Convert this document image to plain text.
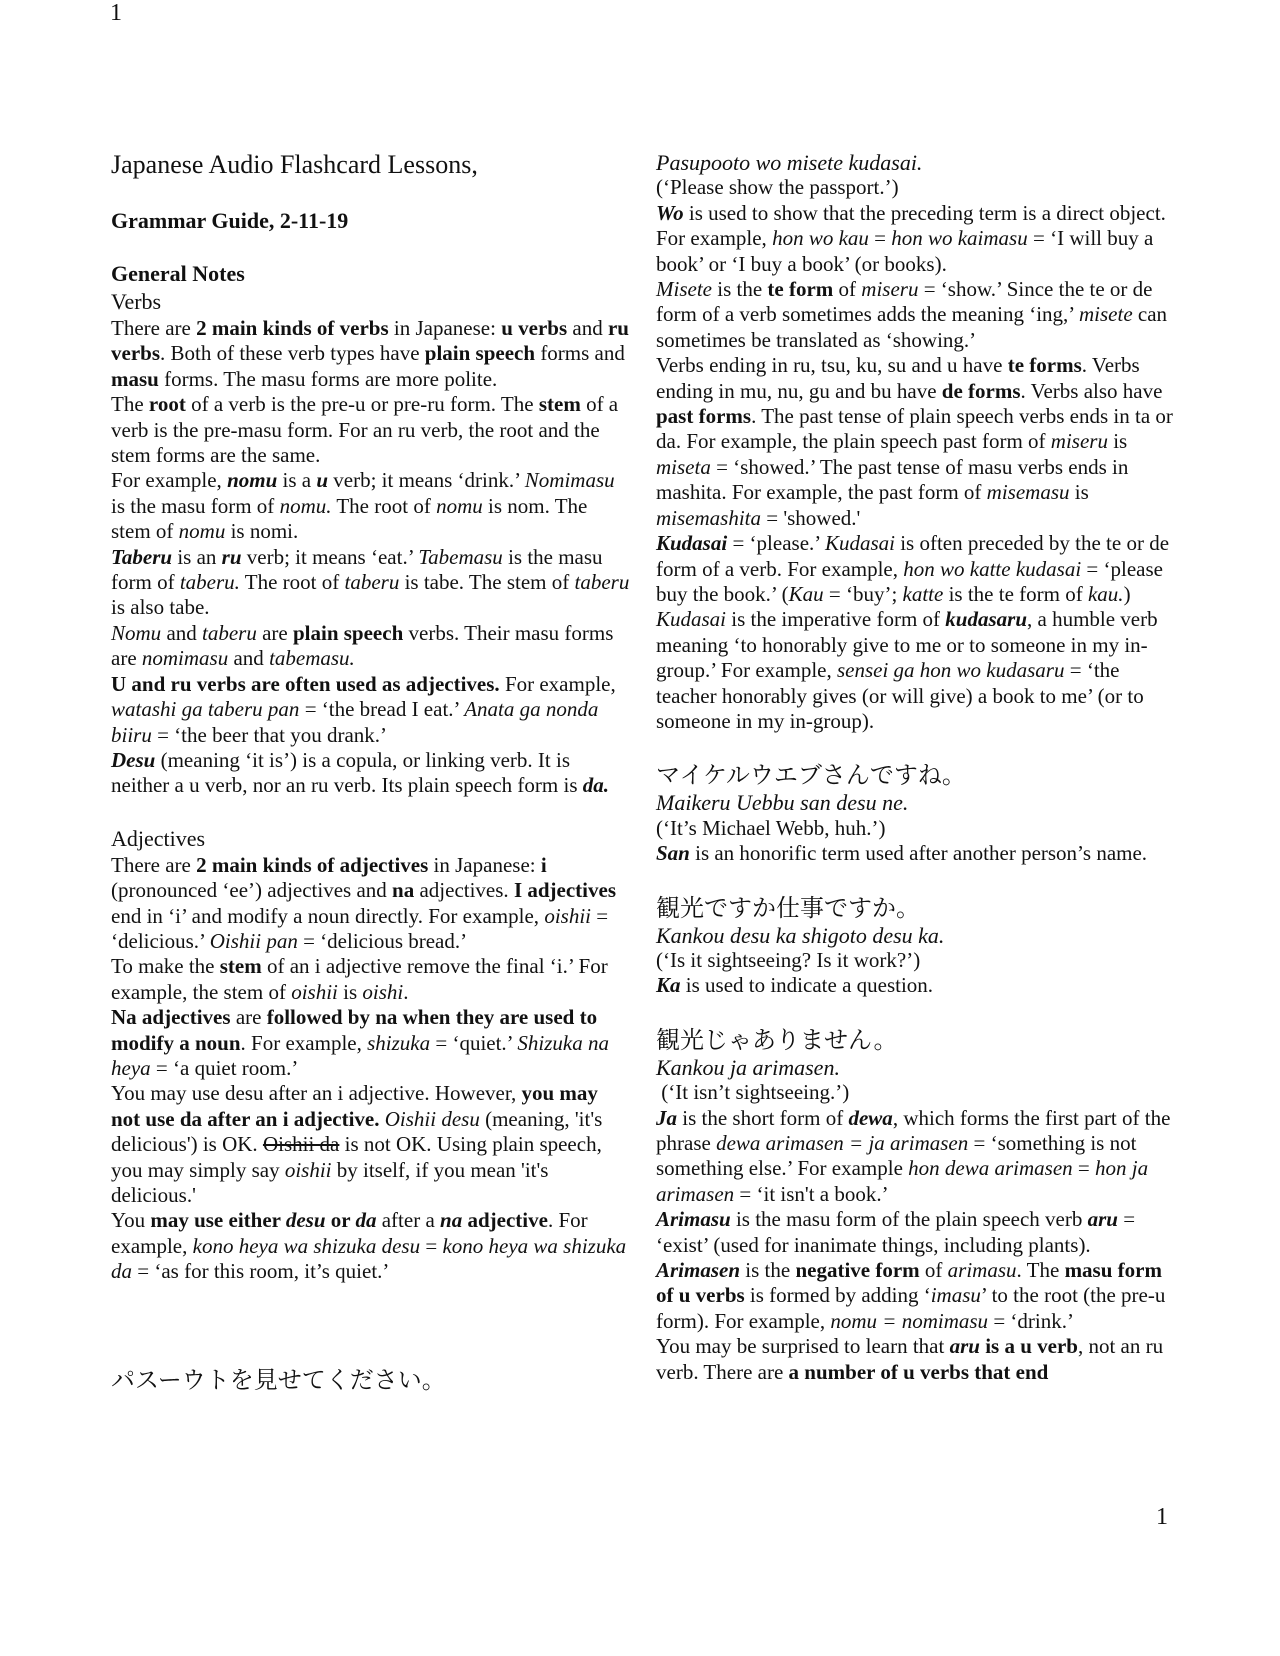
1
Japanese Audio Flashcard Lessons,
Grammar Guide, 2-11-19
General Notes
Verbs

There are 2 main kinds of verbs in Japanese: u verbs and ru verbs. Both of these verb types have plain speech forms and masu forms. The masu forms are more polite.

The root of a verb is the pre-u or pre-ru form. The stem of a verb is the pre-masu form. For an ru verb, the root and the stem forms are the same.

For example, nomu is a u verb; it means ‘drink.’ Nomimasu is the masu form of nomu. The root of nomu is nom. The stem of nomu is nomi.

Taberu is an ru verb; it means ‘eat.’ Tabemasu is the masu form of taberu. The root of taberu is tabe. The stem of taberu is also tabe.

Nomu and taberu are plain speech verbs. Their masu forms are nomimasu and tabemasu.

U and ru verbs are often used as adjectives. For example, watashi ga taberu pan = ‘the bread I eat.’ Anata ga nonda biiru = ‘the beer that you drank.’

Desu (meaning ‘it is’) is a copula, or linking verb. It is neither a u verb, nor an ru verb. Its plain speech form is da.

Adjectives

There are 2 main kinds of adjectives in Japanese: i (pronounced ‘ee’) adjectives and na adjectives. I adjectives end in ‘i’ and modify a noun directly. For example, oishii = ‘delicious.’ Oishii pan = ‘delicious bread.’

To make the stem of an i adjective remove the final ‘i.’ For example, the stem of oishii is oishi.

Na adjectives are followed by na when they are used to modify a noun. For example, shizuka = ‘quiet.’ Shizuka na heya = ‘a quiet room.’

You may use desu after an i adjective. However, you may not use da after an i adjective. Oishii desu (meaning, 'it's delicious') is OK. Oishii da is not OK. Using plain speech, you may simply say oishii by itself, if you mean 'it's delicious.'

You may use either desu or da after a na adjective. For example, kono heya wa shizuka desu = kono heya wa shizuka da = ‘as for this room, it’s quiet.’

パスーウトを見せてください。

Pasupooto wo misete kudasai.

(‘Please show the passport.’)

Wo is used to show that the preceding term is a direct object. For example, hon wo kau = hon wo kaimasu = ‘I will buy a book’ or ‘I buy a book’ (or books).

Misete is the te form of miseru = ‘show.’ Since the te or de form of a verb sometimes adds the meaning ‘ing,’ misete can sometimes be translated as ‘showing.’

Verbs ending in ru, tsu, ku, su and u have te forms. Verbs ending in mu, nu, gu and bu have de forms. Verbs also have past forms. The past tense of plain speech verbs ends in ta or da. For example, the plain speech past form of miseru is miseta = ‘showed.’ The past tense of masu verbs ends in mashita. For example, the past form of misemasu is misemashita = 'showed.'

Kudasai = ‘please.’ Kudasai is often preceded by the te or de form of a verb. For example, hon wo katte kudasai = ‘please buy the book.’ (Kau = ‘buy’; katte is the te form of kau.) Kudasai is the imperative form of kudasaru, a humble verb meaning ‘to honorably give to me or to someone in my in-group.’ For example, sensei ga hon wo kudasaru = ‘the teacher honorably gives (or will give) a book to me’ (or to someone in my in-group).

マイケルウエブさんですね。

Maikeru Uebbu san desu ne.

(‘It’s Michael Webb, huh.’)

San is an honorific term used after another person’s name.

観光ですか仕事ですか。

Kankou desu ka shigoto desu ka.

(‘Is it sightseeing? Is it work?’)

Ka is used to indicate a question.

観光じゃありません。

Kankou ja arimasen.

(‘It isn’t sightseeing.’)

Ja is the short form of dewa, which forms the first part of the phrase dewa arimasen = ja arimasen = ‘something is not something else.’ For example hon dewa arimasen = hon ja arimasen = ‘it isn't a book.’

Arimasu is the masu form of the plain speech verb aru = ‘exist’ (used for inanimate things, including plants). Arimasen is the negative form of arimasu. The masu form of u verbs is formed by adding ‘imasu’ to the root (the pre-u form). For example, nomu = nomimasu = ‘drink.’

You may be surprised to learn that aru is a u verb, not an ru verb. There are a number of u verbs that end

1
